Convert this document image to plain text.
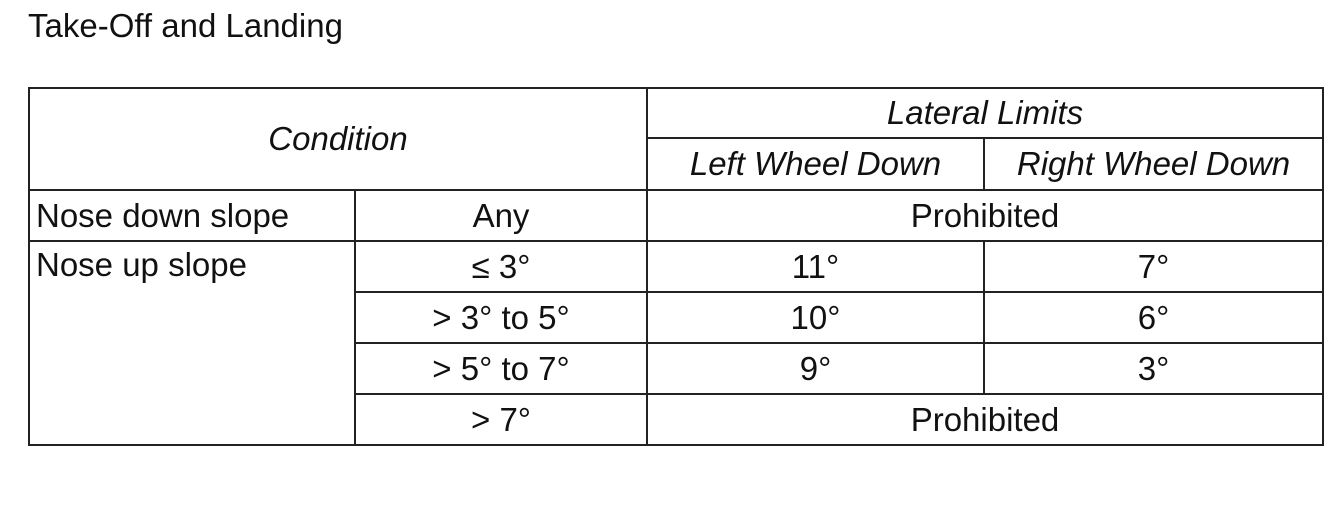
Take-Off and Landing
Condition		Lateral Limits	
		Left Wheel Down	Right Wheel Down
Nose down slope	Any	Prohibited	
Nose up slope	≤ 3°	11°	7°
	> 3° to 5°	10°	6°
	> 5° to 7°	9°	3°
	> 7°	Prohibited	
